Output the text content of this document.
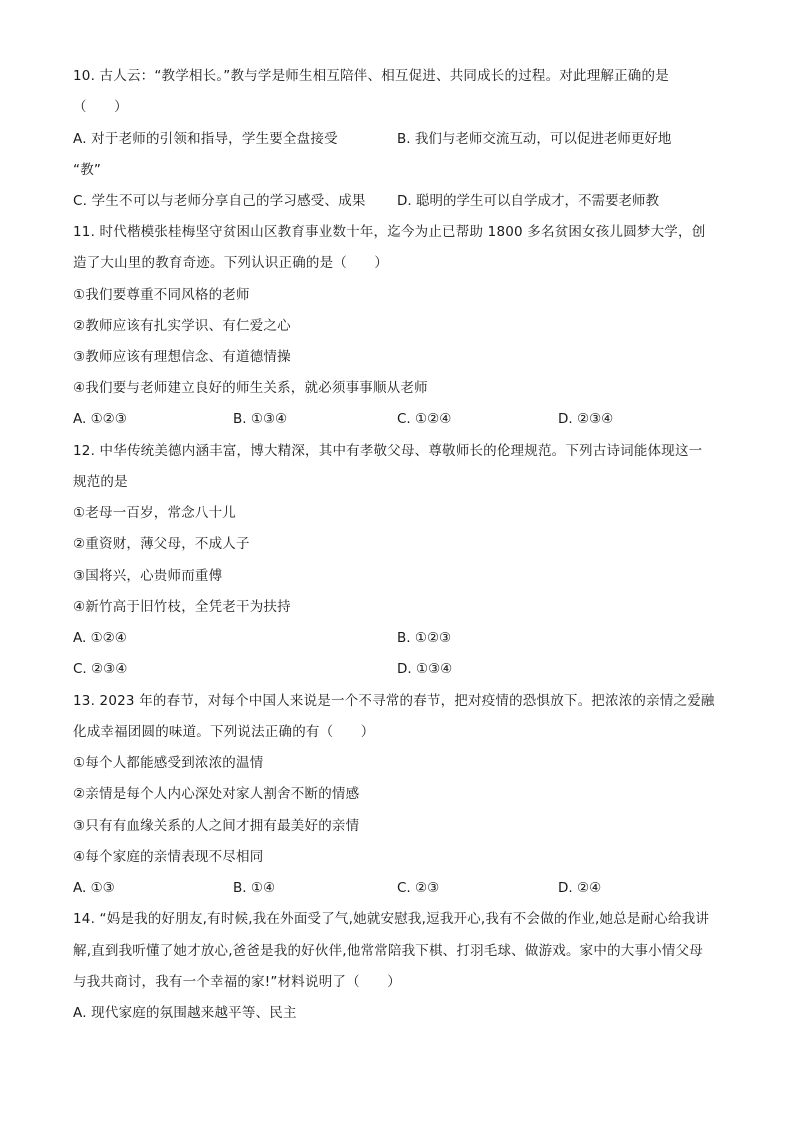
10. 古人云：“教学相长。”教与学是师生相互陪伴、相互促进、共同成长的过程。对此理解正确的是
（　　）
A. 对于老师的引领和指导，学生要全盘接受	B. 我们与老师交流互动，可以促进老师更好地
“教”
C. 学生不可以与老师分享自己的学习感受、成果 D. 聪明的学生可以自学成才，不需要老师教
11. 时代楷模张桂梅坚守贫困山区教育事业数十年，迄今为止已帮助 1800 多名贫困女孩儿圆梦大学，创
造了大山里的教育奇迹。下列认识正确的是（　　）
①我们要尊重不同风格的老师
②教师应该有扎实学识、有仁爱之心
③教师应该有理想信念、有道德情操
④我们要与老师建立良好的师生关系，就必须事事顺从老师
A. ①②③	B. ①③④	C. ①②④	D. ②③④
12. 中华传统美德内涵丰富，博大精深，其中有孝敬父母、尊敬师长的伦理规范。下列古诗词能体现这一
规范的是
①老母一百岁，常念八十儿
②重资财，薄父母，不成人子
③国将兴，心贵师而重傅
④新竹高于旧竹枝，全凭老干为扶持
A. ①②④	B. ①②③
C. ②③④	D. ①③④
13. 2023 年的春节，对每个中国人来说是一个不寻常的春节，把对疫情的恐惧放下。把浓浓的亲情之爱融
化成幸福团圆的味道。下列说法正确的有（　　）
①每个人都能感受到浓浓的温情
②亲情是每个人内心深处对家人割舍不断的情感
③只有有血缘关系的人之间才拥有最美好的亲情
④每个家庭的亲情表现不尽相同
A. ①③	B. ①④	C. ②③	D. ②④
14. “妈是我的好朋友,有时候,我在外面受了气,她就安慰我,逗我开心,我有不会做的作业,她总是耐心给我讲
解,直到我听懂了她才放心,爸爸是我的好伙伴,他常常陪我下棋、打羽毛球、做游戏。家中的大事小情父母
与我共商讨，我有一个幸福的家!”材料说明了（　　）
A. 现代家庭的氛围越来越平等、民主
